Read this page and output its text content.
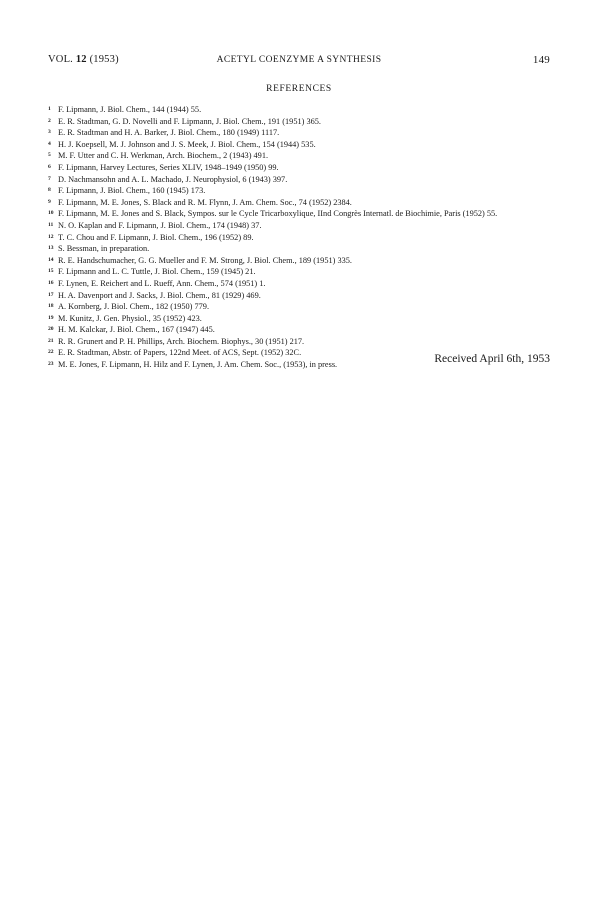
VOL. 12 (1953)	ACETYL COENZYME A SYNTHESIS	149
REFERENCES
1 F. Lipmann, J. Biol. Chem., 144 (1944) 55.
2 E. R. Stadtman, G. D. Novelli and F. Lipmann, J. Biol. Chem., 191 (1951) 365.
3 E. R. Stadtman and H. A. Barker, J. Biol. Chem., 180 (1949) 1117.
4 H. J. Koepsell, M. J. Johnson and J. S. Meek, J. Biol. Chem., 154 (1944) 535.
5 M. F. Utter and C. H. Werkman, Arch. Biochem., 2 (1943) 491.
6 F. Lipmann, Harvey Lectures, Series XLIV, 1948–1949 (1950) 99.
7 D. Nachmansohn and A. L. Machado, J. Neurophysiol, 6 (1943) 397.
8 F. Lipmann, J. Biol. Chem., 160 (1945) 173.
9 F. Lipmann, M. E. Jones, S. Black and R. M. Flynn, J. Am. Chem. Soc., 74 (1952) 2384.
10 F. Lipmann, M. E. Jones and S. Black, Sympos. sur le Cycle Tricarboxylique, IInd Congrès Internatl. de Biochimie, Paris (1952) 55.
11 N. O. Kaplan and F. Lipmann, J. Biol. Chem., 174 (1948) 37.
12 T. C. Chou and F. Lipmann, J. Biol. Chem., 196 (1952) 89.
13 S. Bessman, in preparation.
14 R. E. Handschumacher, G. G. Mueller and F. M. Strong, J. Biol. Chem., 189 (1951) 335.
15 F. Lipmann and L. C. Tuttle, J. Biol. Chem., 159 (1945) 21.
16 F. Lynen, E. Reichert and L. Rueff, Ann. Chem., 574 (1951) 1.
17 H. A. Davenport and J. Sacks, J. Biol. Chem., 81 (1929) 469.
18 A. Kornberg, J. Biol. Chem., 182 (1950) 779.
19 M. Kunitz, J. Gen. Physiol., 35 (1952) 423.
20 H. M. Kalckar, J. Biol. Chem., 167 (1947) 445.
21 R. R. Grunert and P. H. Phillips, Arch. Biochem. Biophys., 30 (1951) 217.
22 E. R. Stadtman, Abstr. of Papers, 122nd Meet. of ACS, Sept. (1952) 32C.
23 M. E. Jones, F. Lipmann, H. Hilz and F. Lynen, J. Am. Chem. Soc., (1953), in press.	Received April 6th, 1953
